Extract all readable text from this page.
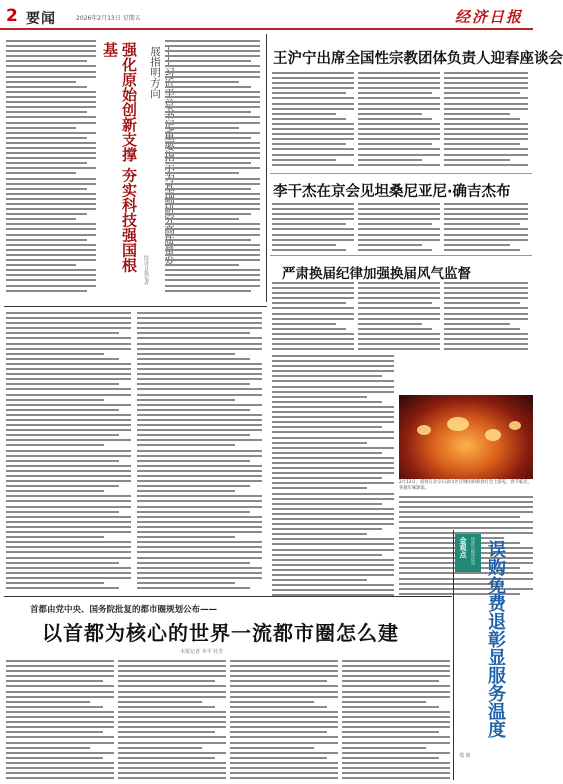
2 要闻	2026年2月13日 星期五	经济日报
强化原始创新支撑 夯实科技强国根基	——习近平总书记重要指示为 量发展指明方向
经济日报记者
王沪宁出席全国性宗教团体负责人迎春座谈会
李干杰在京会见坦桑尼亚尼·确吉杰布
严肃换届纪律加强换届风气监督
2月12日，游客在北京石景山区首钢园的新春灯会上游览。春节临近，各地年味渐浓。
首都由党中央、国务院批复的都市圈规划公布——
以首都为核心的世界一流都市圈怎么建
本报记者 齐平 杜芳
金观点 经济日报评论员 误购免费退彰显服务温度
郑 新
